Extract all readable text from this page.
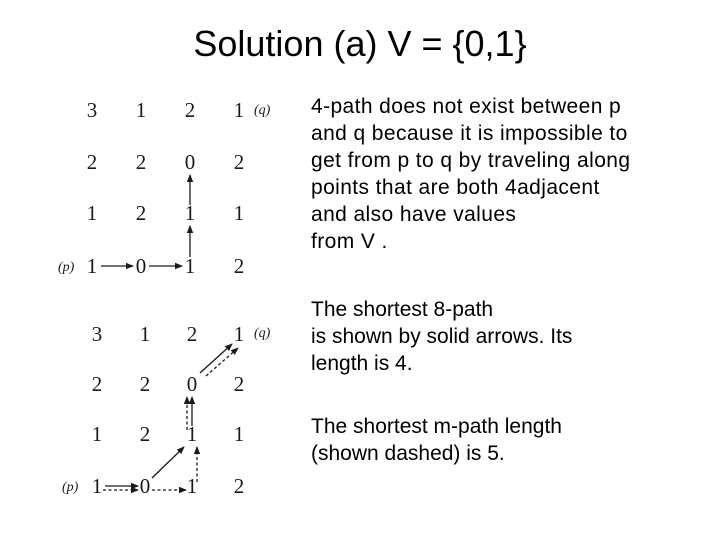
Solution (a) V = {0,1}
4-path does not exist between p
and q because it is impossible to
get from p to q by traveling along
points that are both 4adjacent
and also have values
from V .
The shortest 8-path
is shown by solid arrows. Its
length is 4.
The shortest m-path length
(shown dashed) is 5.
3 1 2 1 (q)
2 2 0 2
1 2 1 1
(p) 1 0 1 2
3 1 2 1 (q)
2 2 0 2
1 2 1 1
(p) 1 0 1 2
